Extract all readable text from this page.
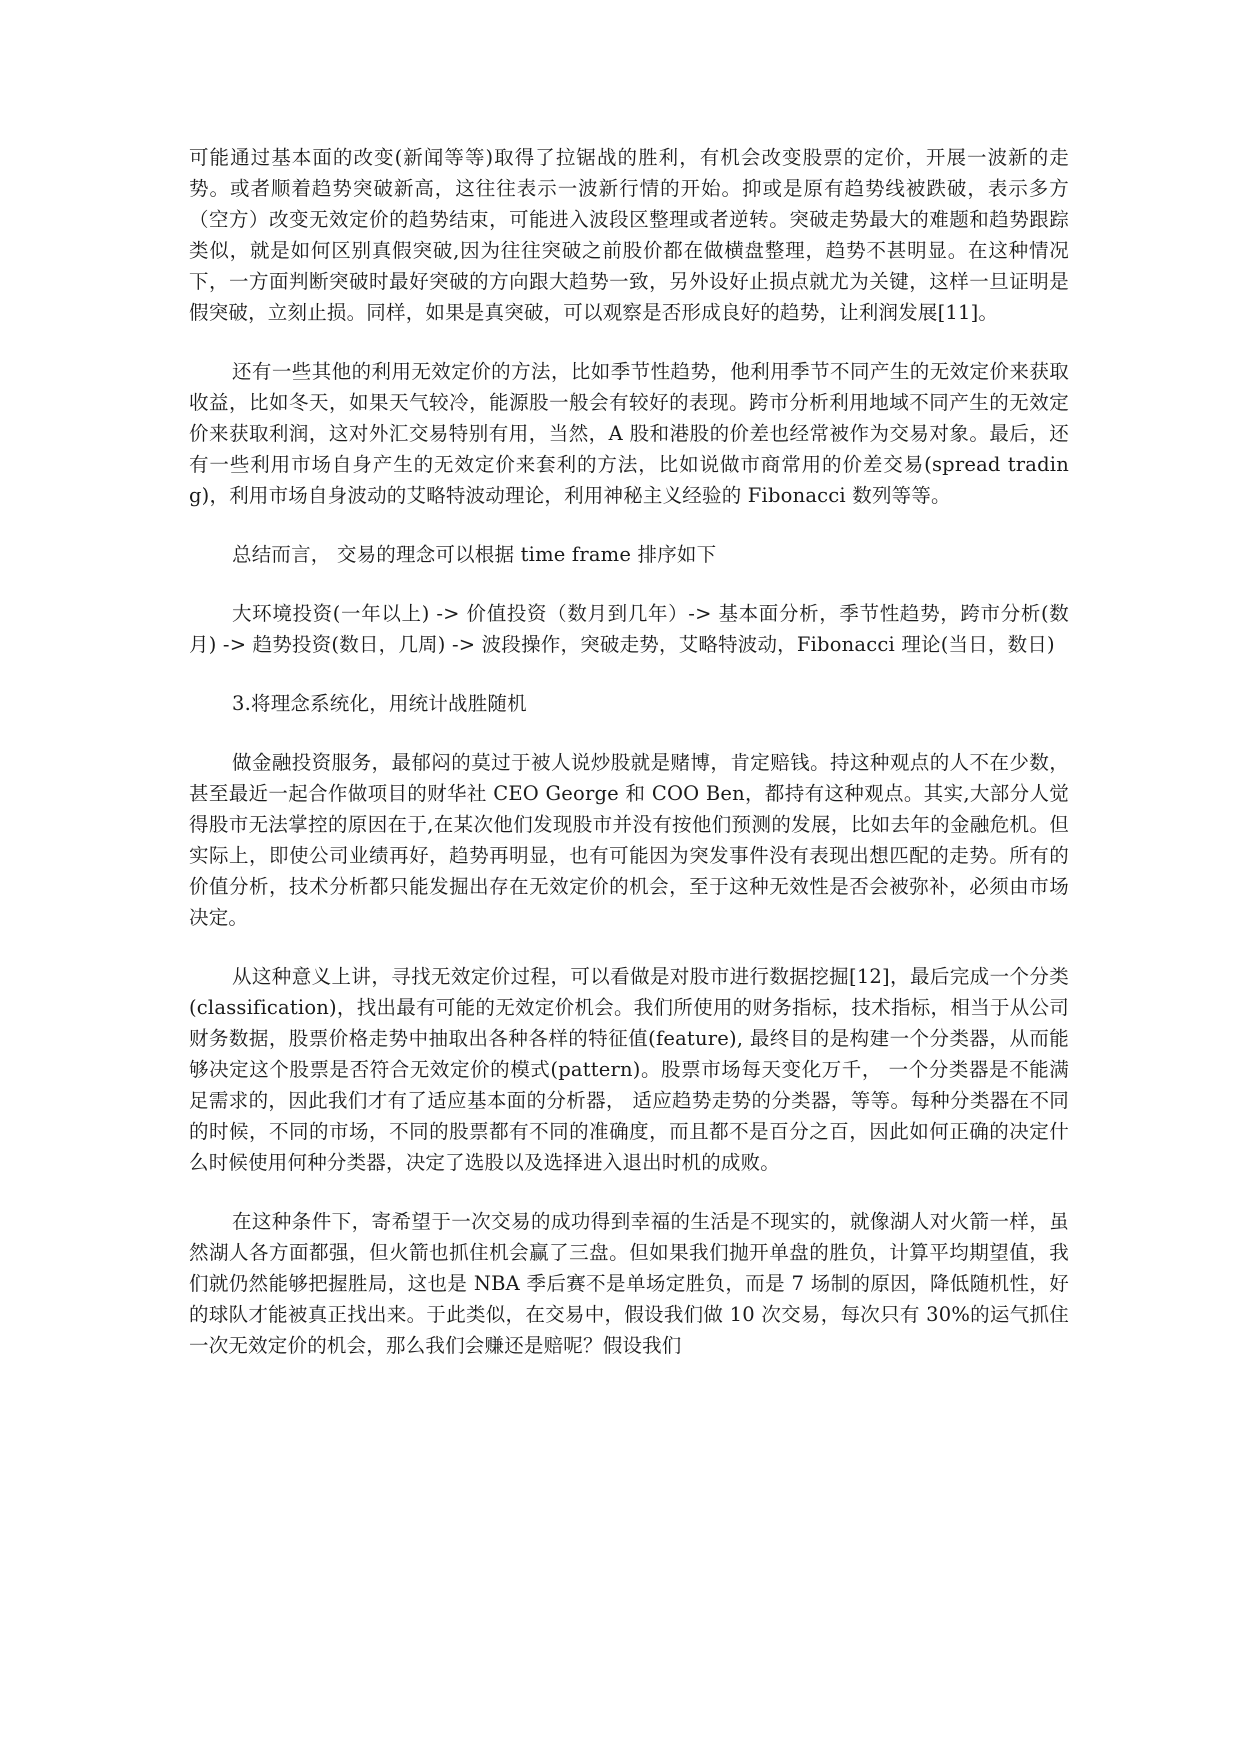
可能通过基本面的改变(新闻等等)取得了拉锯战的胜利，有机会改变股票的定价，开展一波新的走势。或者顺着趋势突破新高，这往往表示一波新行情的开始。抑或是原有趋势线被跌破，表示多方（空方）改变无效定价的趋势结束，可能进入波段区整理或者逆转。突破走势最大的难题和趋势跟踪类似，就是如何区别真假突破,因为往往突破之前股价都在做横盘整理，趋势不甚明显。在这种情况下，一方面判断突破时最好突破的方向跟大趋势一致，另外设好止损点就尤为关键，这样一旦证明是假突破，立刻止损。同样，如果是真突破，可以观察是否形成良好的趋势，让利润发展[11]。

还有一些其他的利用无效定价的方法，比如季节性趋势，他利用季节不同产生的无效定价来获取收益，比如冬天，如果天气较冷，能源股一般会有较好的表现。跨市分析利用地域不同产生的无效定价来获取利润，这对外汇交易特别有用，当然，A 股和港股的价差也经常被作为交易对象。最后，还有一些利用市场自身产生的无效定价来套利的方法，比如说做市商常用的价差交易(spread trading)，利用市场自身波动的艾略特波动理论，利用神秘主义经验的 Fibonacci 数列等等。

总结而言， 交易的理念可以根据 time frame 排序如下

大环境投资(一年以上) -> 价值投资（数月到几年）-> 基本面分析，季节性趋势，跨市分析(数月) -> 趋势投资(数日，几周) -> 波段操作，突破走势，艾略特波动，Fibonacci 理论(当日，数日)

3.将理念系统化，用统计战胜随机

做金融投资服务，最郁闷的莫过于被人说炒股就是赌博，肯定赔钱。持这种观点的人不在少数，甚至最近一起合作做项目的财华社 CEO George 和 COO Ben，都持有这种观点。其实,大部分人觉得股市无法掌控的原因在于,在某次他们发现股市并没有按他们预测的发展，比如去年的金融危机。但实际上，即使公司业绩再好，趋势再明显，也有可能因为突发事件没有表现出想匹配的走势。所有的价值分析，技术分析都只能发掘出存在无效定价的机会，至于这种无效性是否会被弥补，必须由市场决定。

从这种意义上讲，寻找无效定价过程，可以看做是对股市进行数据挖掘[12]，最后完成一个分类(classification)，找出最有可能的无效定价机会。我们所使用的财务指标，技术指标，相当于从公司财务数据，股票价格走势中抽取出各种各样的特征值(feature), 最终目的是构建一个分类器，从而能够决定这个股票是否符合无效定价的模式(pattern)。股票市场每天变化万千， 一个分类器是不能满足需求的，因此我们才有了适应基本面的分析器， 适应趋势走势的分类器，等等。每种分类器在不同的时候，不同的市场，不同的股票都有不同的准确度，而且都不是百分之百，因此如何正确的决定什么时候使用何种分类器，决定了选股以及选择进入退出时机的成败。

在这种条件下，寄希望于一次交易的成功得到幸福的生活是不现实的，就像湖人对火箭一样，虽然湖人各方面都强，但火箭也抓住机会赢了三盘。但如果我们抛开单盘的胜负，计算平均期望值，我们就仍然能够把握胜局，这也是 NBA 季后赛不是单场定胜负，而是 7 场制的原因，降低随机性，好的球队才能被真正找出来。于此类似，在交易中，假设我们做 10 次交易，每次只有 30%的运气抓住一次无效定价的机会，那么我们会赚还是赔呢？假设我们
